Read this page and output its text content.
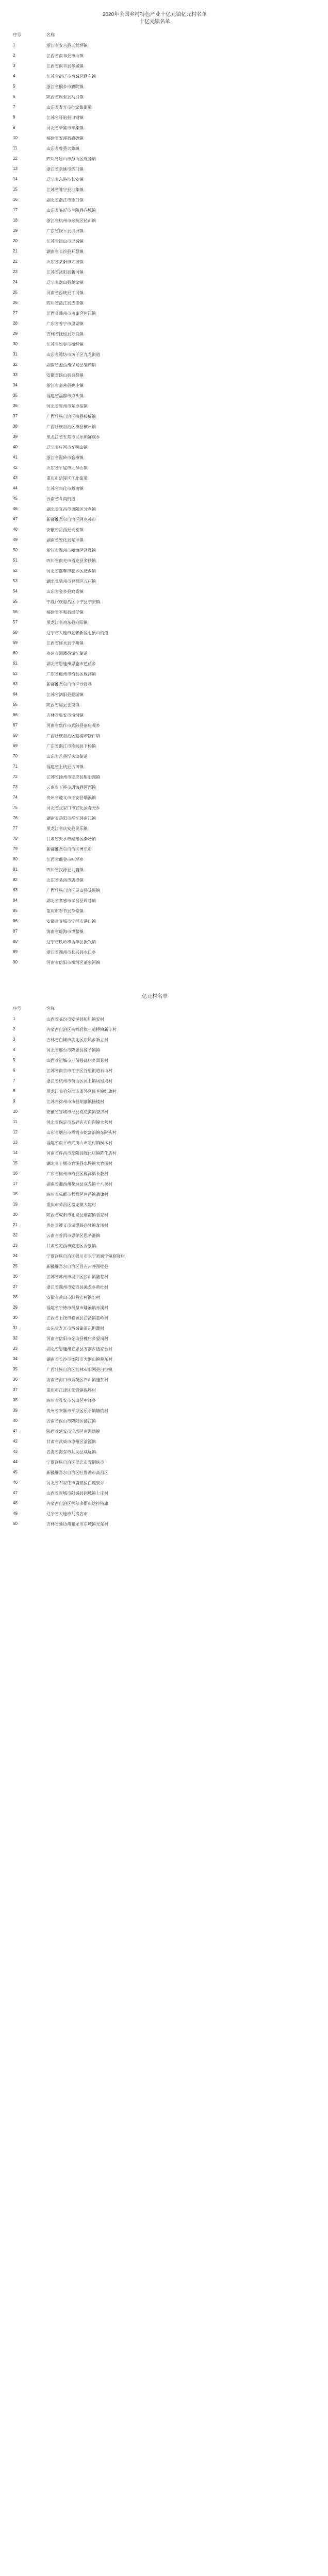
2020年全国乡村特色产业十亿元镇亿元村名单
十亿元镇名单
序号	名称
1	浙江省安吉县天荒坪镇
2	江西省南丰县市山镇
3	江西省南丰县琴城镇
4	江苏省宿迁市宿城区耿车镇
5	浙江省桐乡市濮院镇
6	陕西省周至县马召镇
7	山东省寿光市孙家集街道
8	江苏省盱眙县旧铺镇
9	河北省辛集市辛集镇
10	福建省安溪县感德镇
11	山东省曹县大集镇
12	四川省眉山市彭山区观音镇
13	浙江省余姚市泗门镇
14	辽宁省东港市长安镇
15	江苏省睢宁县沙集镇
16	湖北省潜江市熊口镇
17	山东省临沂市兰陵县向城镇
18	浙江省杭州市余杭区径山镇
19	广东省饶平县汫洲镇
20	江苏省昆山市巴城镇
21	湖南省长沙县开慧镇
22	山东省莱阳市穴坊镇
23	江苏省沭阳县新河镇
24	辽宁省盘山县胡家镇
25	河南省西峡县丁河镇
26	四川省蒲江县成佳镇
27	江西省赣州市南康区唐江镇
28	广东省普宁市里湖镇
29	吉林省抚松县万良镇
30	江苏省如皋市搬经镇
31	山东省潍坊市坊子区九龙街道
32	湖南省湘西州保靖县葫芦镇
33	安徽省砀山县良梨镇
34	浙江省嘉善县姚庄镇
35	福建省福鼎市点头镇
36	河北省晋州市东卓宿镇
37	广西壮族自治区横县校椅镇
38	广西壮族自治区横县横州镇
39	黑龙江省五常市民乐朝鲜族乡
40	辽宁省庄河市光明山镇
41	浙江省温岭市箬横镇
42	山东省平度市大泽山镇
43	重庆市涪陵区江北街道
44	江苏省兴化市戴南镇
45	云南省斗南街道
46	湖北省宜昌市夷陵区分乡镇
47	新疆维吾尔自治区阿克苏市
48	安徽省岳西县天堂镇
49	湖南省安化县东坪镇
50	浙江省温州市瓯海区泽雅镇
51	四川省南充市西充县多扶镇
52	河北省邯郸市肥乡区肥乡镇
53	湖北省随州市曾都区万店镇
54	山东省金乡县鸡黍镇
55	宁夏回族自治区中宁县宁安镇
56	福建省平和县坂仔镇
57	黑龙江省鸡东县向阳镇
58	辽宁省大连市金普新区七顶山街道
59	江西省修水县宁州镇
60	贵州省湄潭县湄江街道
61	湖北省恩施州恩施市芭蕉乡
62	广东省梅州市梅县区雁洋镇
63	新疆维吾尔自治区沙雅县
64	江苏省泗阳县爱园镇
65	陕西省眉县金渠镇
66	吉林省集安市清河镇
67	河南省焦作市武陟县嘉应观乡
68	广西壮族自治区荔浦市修仁镇
69	广东省湛江市徐闻县下桥镇
70	山东省莒县浮来山街道
71	福建省上杭县古田镇
72	江苏省扬州市宝应县射阳湖镇
73	云南省玉溪市通海县河西镇
74	贵州省遵义市正安县瑞溪镇
75	河北省张家口市宣化区春光乡
76	湖南省岳阳市平江县南江镇
77	黑龙江省庆安县民乐镇
78	甘肃省天水市秦州区秦岭镇
79	新疆维吾尔自治区博乐市
80	江西省瑞金市叶坪乡
81	四川省汉源县九襄镇
82	山东省莱西市店埠镇
83	广西壮族自治区灵山县陆屋镇
84	湖北省孝感市孝昌县周巷镇
85	重庆市奉节县草堂镇
86	安徽省宣城市宁国市港口镇
87	海南省琼海市博鳌镇
88	辽宁省铁岭市西丰县振兴镇
89	浙江省湖州市长兴县水口乡
90	河南省信阳市浉河区董家河镇
亿元村名单
序号	名称
1	山西省临汾市安泽县和川镇安村
2	内蒙古自治区杭锦后旗三道桥镇新丰村
3	吉林省白城市洮北区东风乡新立村
4	河北省邢台市隆尧县莲子镇镇
5	山西省运城市万荣县高村乡阎景村
6	江苏省南京市江宁区谷里街道石山村
7	浙江省杭州市萧山区河上镇凤凰坞村
8	黑龙江省哈尔滨市道外区民主镇红旗村
9	江苏省徐州市沛县胡寨镇杨楼村
10	安徽省宣城市泾县桃花潭镇查济村
11	河北省保定市高碑店市白沟镇大营村
12	山东省烟台市栖霞市蛇窝泊镇东院头村
13	福建省南平市武夷山市星村镇桐木村
14	河南省许昌市鄢陵县陈化店镇陈化店村
15	湖北省十堰市竹溪县水坪镇大竹园村
16	广东省梅州市梅县区雁洋镇长教村
17	湖南省湘西州花垣县双龙镇十八洞村
18	四川省成都市郫都区唐昌镇战旗村
19	重庆市荣昌区盘龙镇大建村
20	陕西省咸阳市礼泉县烟霞镇袁家村
21	贵州省遵义市湄潭县兴隆镇龙凤村
22	云南省普洱市思茅区思茅港镇
23	甘肃省定西市安定区香泉镇
24	宁夏回族自治区银川市永宁县闽宁镇原隆村
25	新疆维吾尔自治区昌吉州呼图壁县
26	江苏省苏州市吴中区东山镇陆巷村
27	浙江省湖州市安吉县溪龙乡黄杜村
28	安徽省黄山市黟县宏村镇宏村
29	福建省宁德市福鼎市磻溪镇赤溪村
30	江西省上饶市婺源县江湾镇篁岭村
31	山东省寿光市洛城街道东斟灌村
32	河南省信阳市光山县槐店乡晏岗村
33	湖北省恩施州宣恩县万寨乡伍家台村
34	湖南省长沙市浏阳市大围山镇楚东村
35	广西壮族自治区桂林市阳朔县白沙镇
36	海南省海口市秀英区石山镇施茶村
37	重庆市江津区先锋镇保坪村
38	四川省雅安市名山区中峰乡
39	贵州省安顺市平坝区乐平镇塘约村
40	云南省保山市隆阳区潞江镇
41	陕西省延安市宝塔区南泥湾镇
42	甘肃省武威市凉州区清源镇
43	青海省海东市互助县威远镇
44	宁夏回族自治区吴忠市青铜峡市
45	新疆维吾尔自治区吐鲁番市高昌区
46	河北省石家庄市鹿泉区白鹿泉乡
47	山西省晋城市阳城县润城镇上庄村
48	内蒙古自治区鄂尔多斯市达拉特旗
49	辽宁省大连市瓦房店市
50	吉林省延边州和龙市东城镇光东村
